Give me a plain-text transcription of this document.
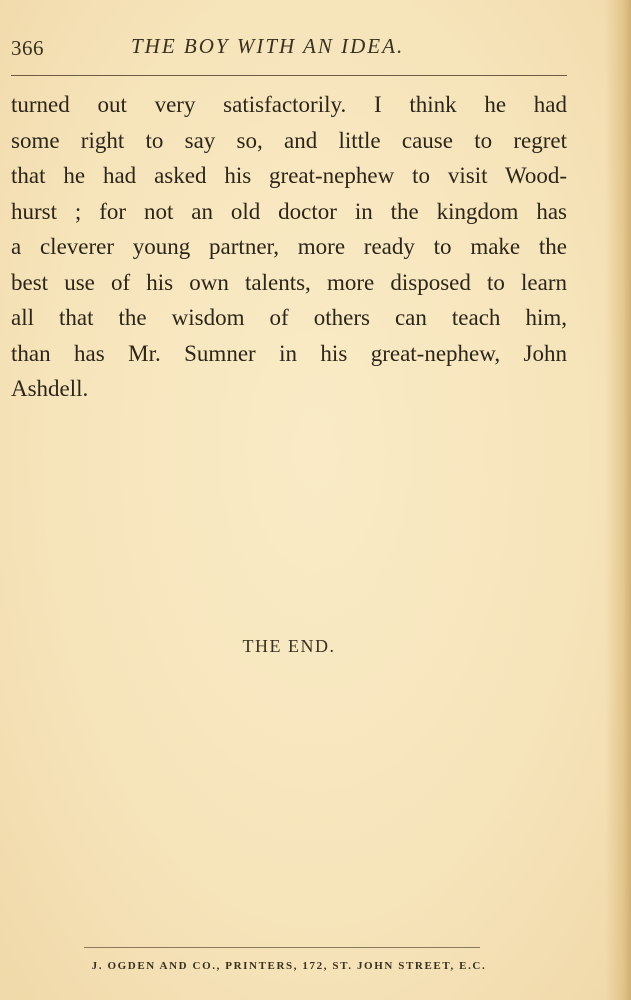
366	THE BOY WITH AN IDEA.
turned out very satisfactorily. I think he had
some right to say so, and little cause to regret
that he had asked his great-nephew to visit Wood-
hurst ; for not an old doctor in the kingdom has
a cleverer young partner, more ready to make the
best use of his own talents, more disposed to learn
all that the wisdom of others can teach him,
than has Mr. Sumner in his great-nephew, John
Ashdell.
THE END.
J. OGDEN AND CO., PRINTERS, 172, ST. JOHN STREET, E.C.
